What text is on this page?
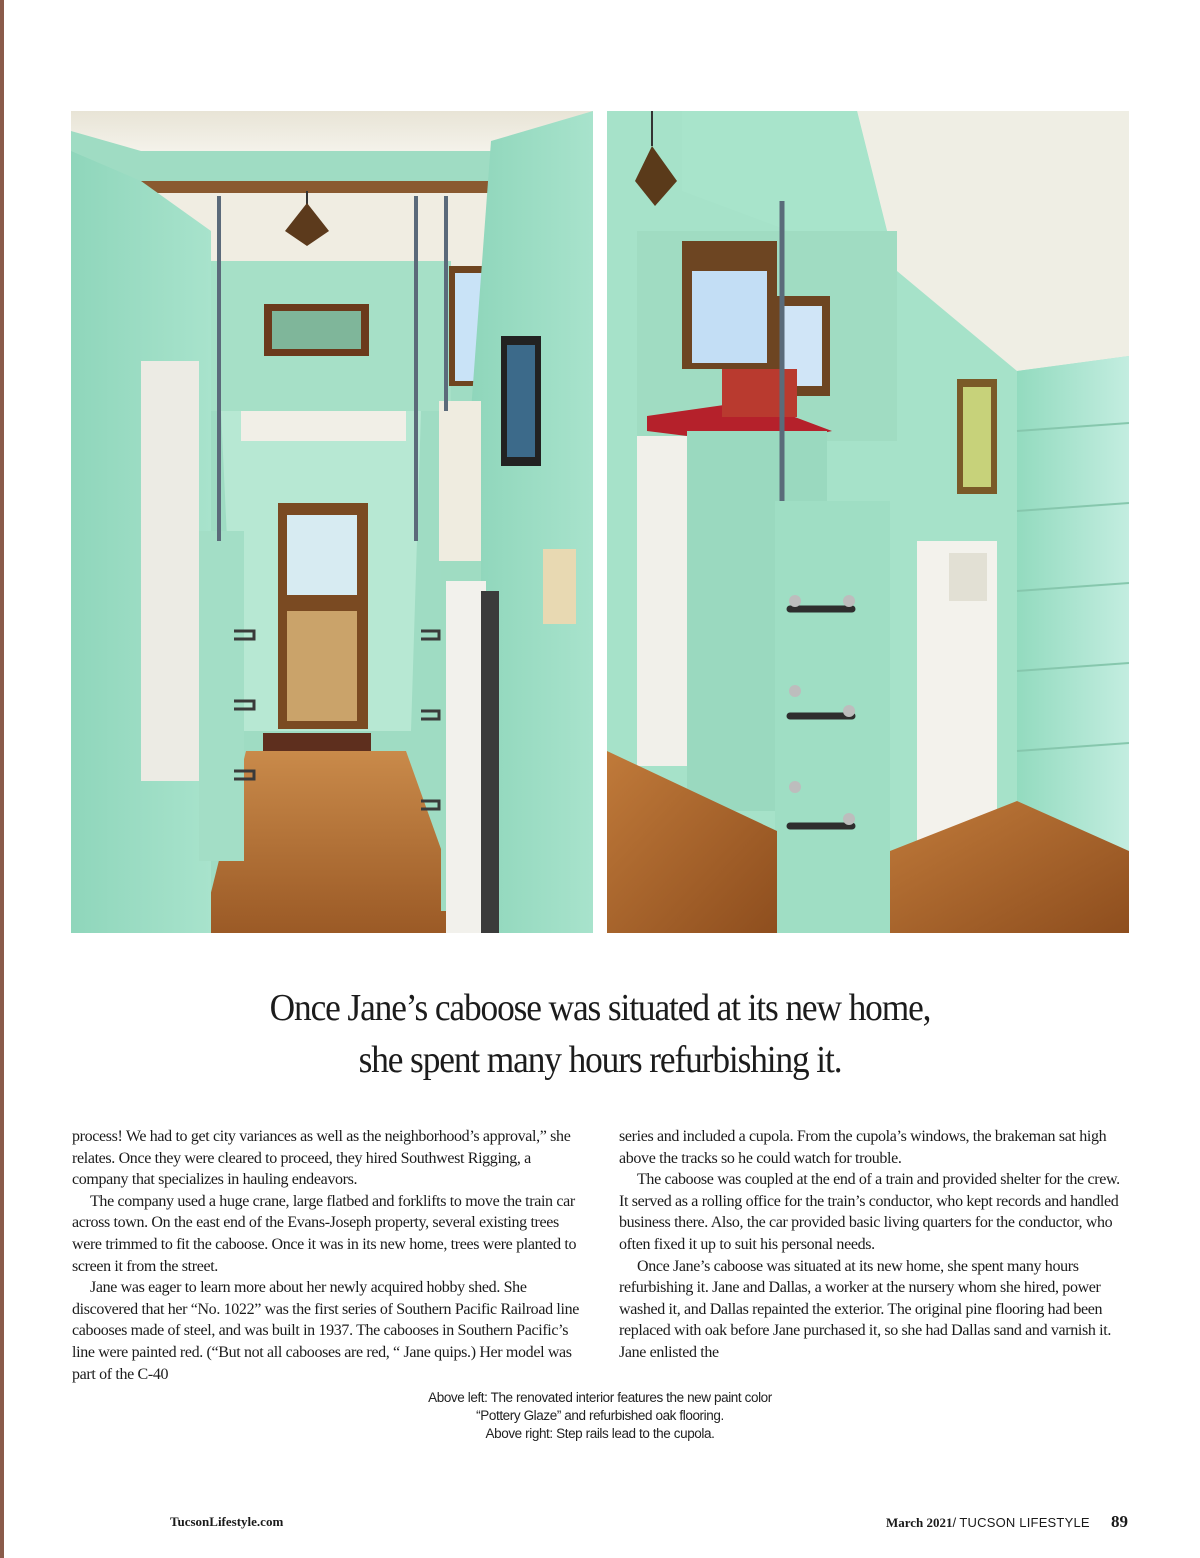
Once Jane’s caboose was situated at its new home,
she spent many hours refurbishing it.

process! We had to get city variances as well as the neighborhood’s approval,” she relates. Once they were cleared to proceed, they hired Southwest Rigging, a company that specializes in hauling endeavors.

The company used a huge crane, large flatbed and forklifts to move the train car across town. On the east end of the Evans-Joseph property, several existing trees were trimmed to fit the caboose. Once it was in its new home, trees were planted to screen it from the street.

Jane was eager to learn more about her newly acquired hobby shed. She discovered that her “No. 1022” was the first series of Southern Pacific Railroad line cabooses made of steel, and was built in 1937. The cabooses in Southern Pacific’s line were painted red. (“But not all cabooses are red, “ Jane quips.) Her model was part of the C-40

series and included a cupola. From the cupola’s windows, the brakeman sat high above the tracks so he could watch for trouble.

The caboose was coupled at the end of a train and provided shelter for the crew. It served as a rolling office for the train’s conductor, who kept records and handled business there. Also, the car provided basic living quarters for the conductor, who often fixed it up to suit his personal needs.

Once Jane’s caboose was situated at its new home, she spent many hours refurbishing it. Jane and Dallas, a worker at the nursery whom she hired, power washed it, and Dallas repainted the exterior. The original pine flooring had been replaced with oak before Jane purchased it, so she had Dallas sand and varnish it. Jane enlisted the

Above left: The renovated interior features the new paint color
“Pottery Glaze” and refurbished oak flooring.
Above right: Step rails lead to the cupola.
TucsonLifestyle.com	March 2021/ TUCSON LIFESTYLE 89
